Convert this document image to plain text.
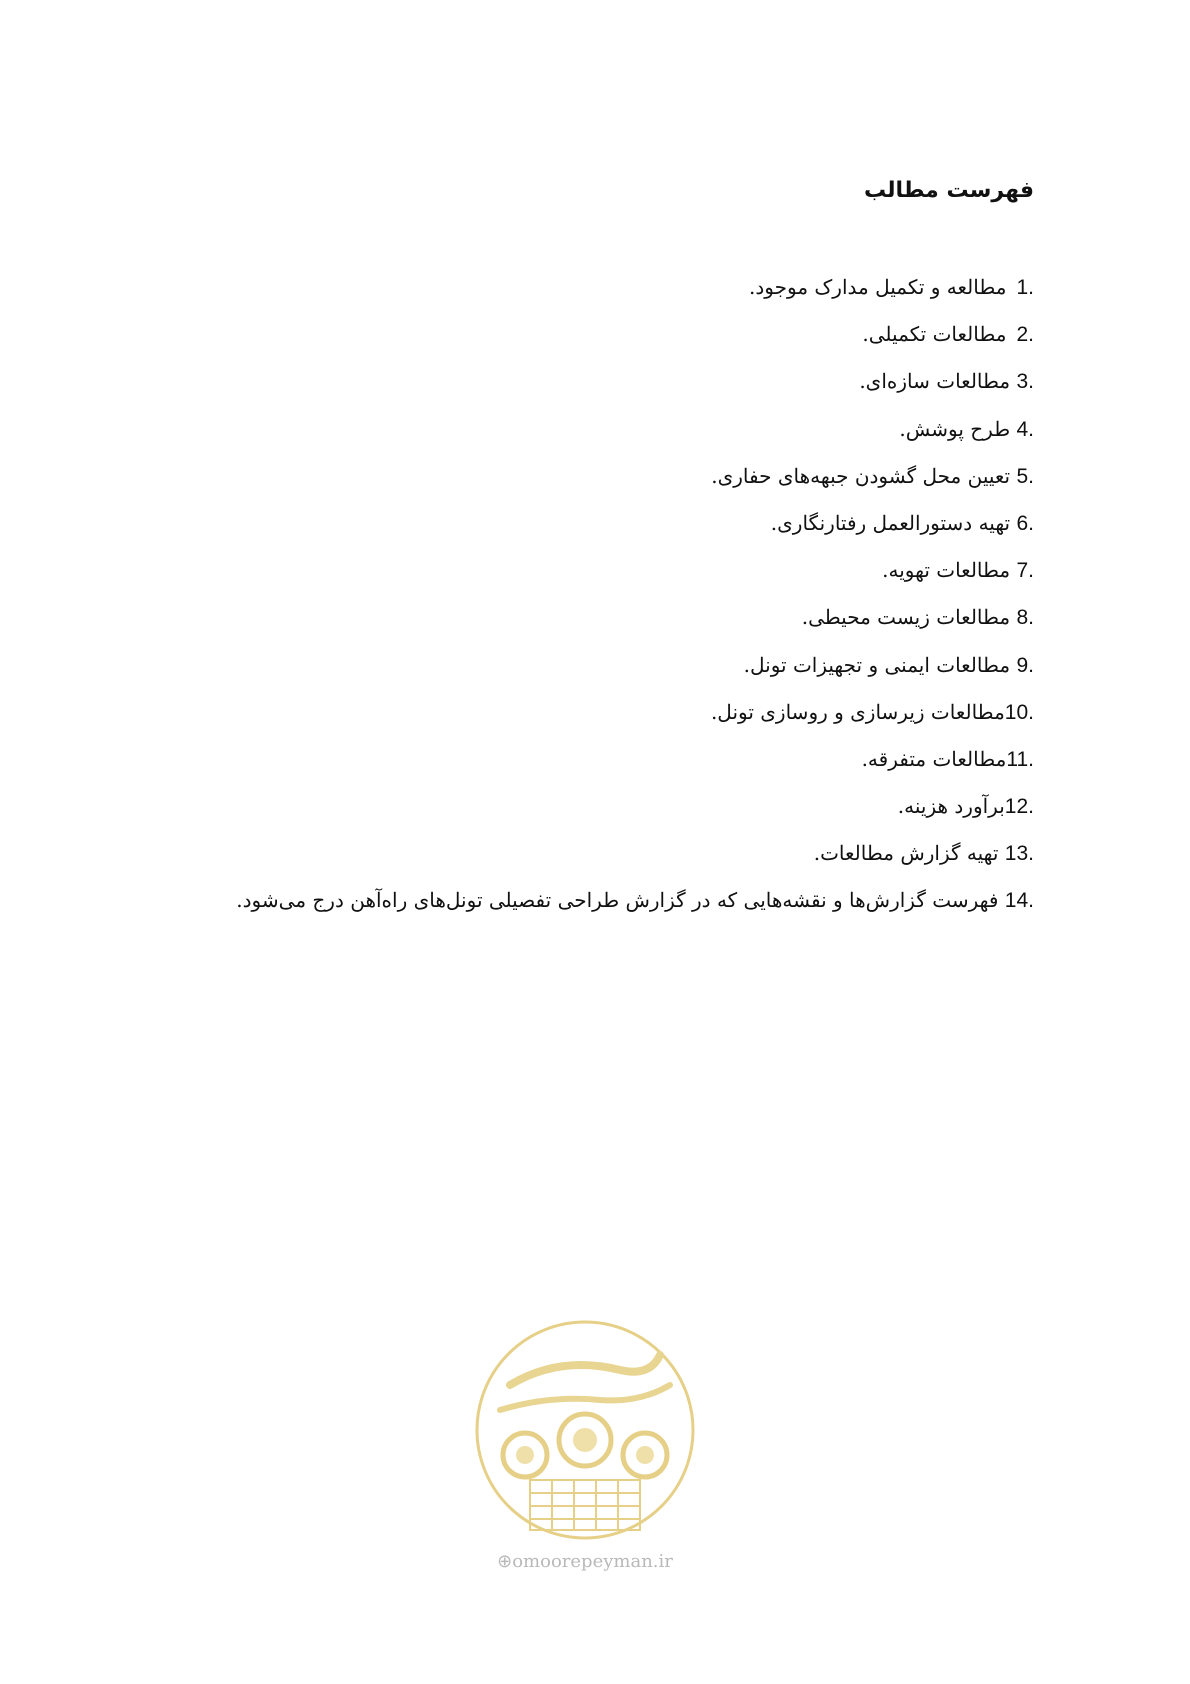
فهرست مطالب
1.مطالعه و تکمیل مدارک موجود.
2.مطالعات تکمیلی.
3. مطالعات سازه‌ای.
4. طرح پوشش.
5. تعیین محل گشودن جبهه‌های حفاری.
6. تهیه دستورالعمل رفتارنگاری.
7. مطالعات تهویه.
8. مطالعات زیست محیطی.
9. مطالعات ایمنی و تجهیزات تونل.
10.مطالعات زیرسازی و روسازی تونل.
11.مطالعات متفرقه.
12.برآورد هزینه.
13. تهیه گزارش مطالعات.
14. فهرست گزارش‌ها و نقشه‌هایی که در گزارش طراحی تفصیلی تونل‌های راه‌آهن درج می‌شود.
⊕omoorepeyman.ir
